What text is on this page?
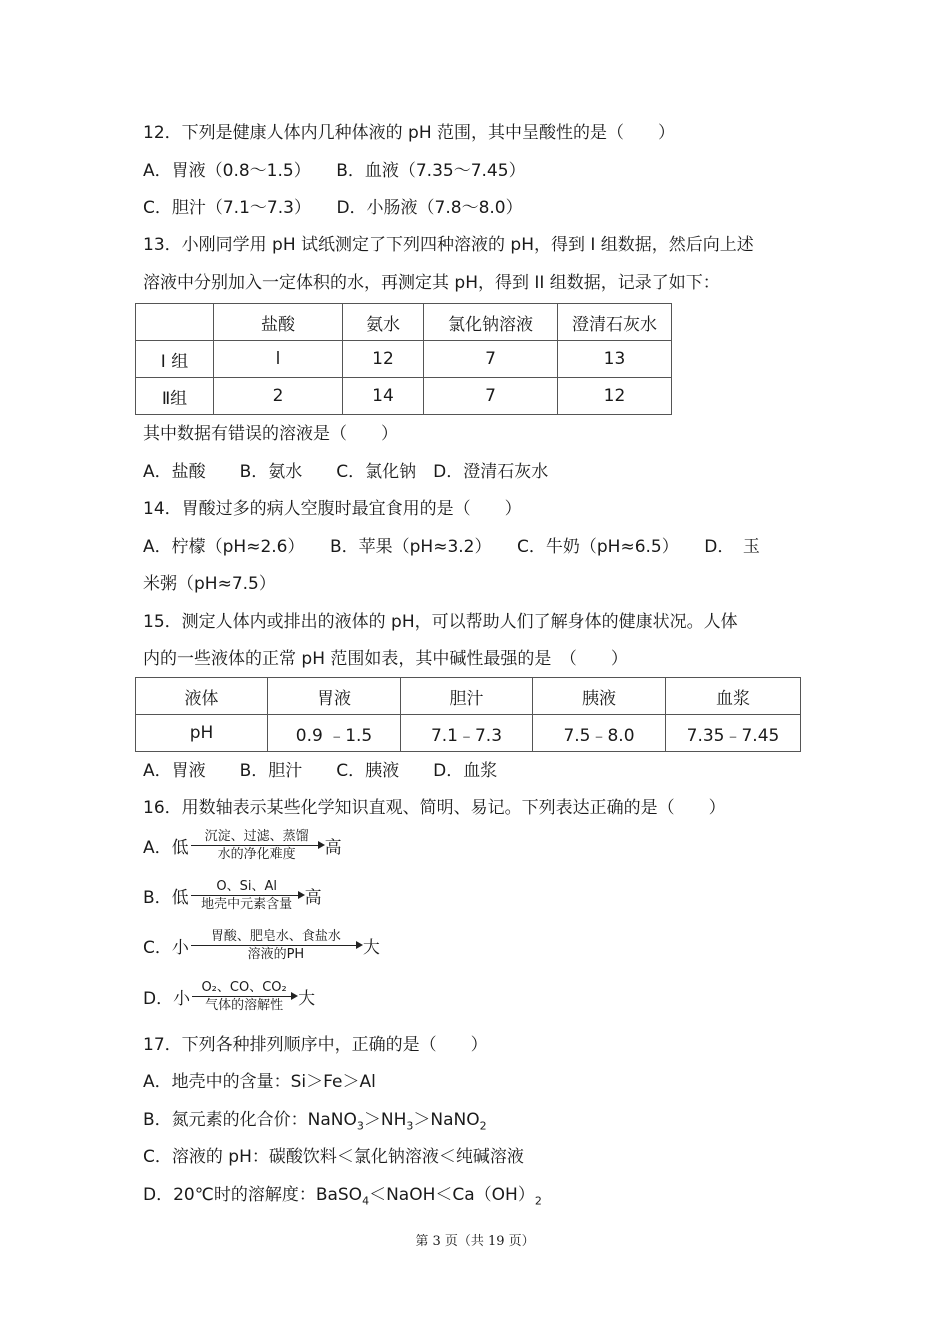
12．下列是健康人体内几种体液的 pH 范围，其中呈酸性的是（　　）
A．胃液（0.8～1.5）　　B．血液（7.35～7.45）
C．胆汁（7.1～7.3）　　D．小肠液（7.8～8.0）
13．小刚同学用 pH 试纸测定了下列四种溶液的 pH，得到 I 组数据，然后向上述
溶液中分别加入一定体积的水，再测定其 pH，得到 II 组数据，记录了如下：
	盐酸	氨水	氯化钠溶液	澄清石灰水
I 组	l	12	7	13
Ⅱ组	2	14	7	12
其中数据有错误的溶液是（　　）
A．盐酸　　B．氨水　　C．氯化钠　D．澄清石灰水
14．胃酸过多的病人空腹时最宜食用的是（　　）
A．柠檬（pH≈2.6）　　B．苹果（pH≈3.2）　　C．牛奶（pH≈6.5）　　D．　玉
米粥（pH≈7.5）
15．测定人体内或排出的液体的 pH，可以帮助人们了解身体的健康状况。人体
内的一些液体的正常 pH 范围如表，其中碱性最强的是　（　　）
液体	胃液	胆汁	胰液	血浆
pH	0.9 ﹣1.5	7.1﹣7.3	7.5﹣8.0	7.35﹣7.45
A．胃液　　B．胆汁　　C．胰液　　D．血浆
16．用数轴表示某些化学知识直观、简明、易记。下列表达正确的是（　　）
A． 低
沉淀、过滤、蒸馏
水的净化难度 高
B． 低
O、Si、Al
地壳中元素含量 高
C． 小
胃酸、肥皂水、食盐水
溶液的PH	大
D． 小
O₂、CO、CO₂
气体的溶解性 大
17．下列各种排列顺序中，正确的是（　　）
A．地壳中的含量：Si＞Fe＞Al
B．氮元素的化合价：$NaNO_3>NH_3>NaNO_2$
C．溶液的 pH：碳酸饮料＜氯化钠溶液＜纯碱溶液
D．20℃时的溶解度：$BaSO_4<NaOH<Ca(OH)_2$
第 3 页（共 19 页）
